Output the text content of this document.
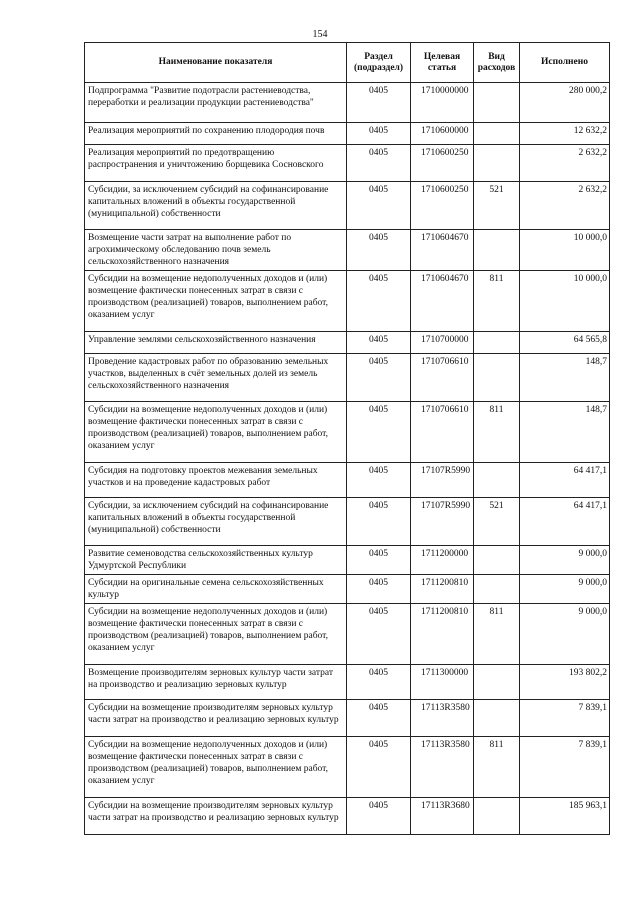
154
Наименование показателя	Раздел (подраздел)	Целевая статья	Вид расходов	Исполнено
Подпрограмма "Развитие подотрасли растениеводства, переработки и реализации продукции растениеводства"	0405	1710000000		280 000,2
Реализация мероприятий по сохранению плодородия почв	0405	1710600000		12 632,2
Реализация мероприятий по предотвращению распространения и уничтожению борщевика Сосновского	0405	1710600250		2 632,2
Субсидии, за исключением субсидий на софинансирование капитальных вложений в объекты государственной (муниципальной) собственности	0405	1710600250	521	2 632,2
Возмещение части затрат на выполнение работ по агрохимическому обследованию почв земель сельскохозяйственного назначения	0405	1710604670		10 000,0
Субсидии на возмещение недополученных доходов и (или) возмещение фактически понесенных затрат в связи с производством (реализацией) товаров, выполнением работ, оказанием услуг	0405	1710604670	811	10 000,0
Управление землями сельскохозяйственного назначения	0405	1710700000		64 565,8
Проведение кадастровых работ по образованию земельных участков, выделенных в счёт земельных долей из земель сельскохозяйственного назначения	0405	1710706610		148,7
Субсидии на возмещение недополученных доходов и (или) возмещение фактически понесенных затрат в связи с производством (реализацией) товаров, выполнением работ, оказанием услуг	0405	1710706610	811	148,7
Субсидия на подготовку проектов межевания земельных участков и на проведение кадастровых работ	0405	17107R5990		64 417,1
Субсидии, за исключением субсидий на софинансирование капитальных вложений в объекты государственной (муниципальной) собственности	0405	17107R5990	521	64 417,1
Развитие семеноводства сельскохозяйственных культур Удмуртской Республики	0405	1711200000		9 000,0
Субсидии на оригинальные семена сельскохозяйственных культур	0405	1711200810		9 000,0
Субсидии на возмещение недополученных доходов и (или) возмещение фактически понесенных затрат в связи с производством (реализацией) товаров, выполнением работ, оказанием услуг	0405	1711200810	811	9 000,0
Возмещение производителям зерновых культур части затрат на производство и реализацию зерновых культур	0405	1711300000		193 802,2
Субсидии на возмещение производителям зерновых культур части затрат на производство и реализацию зерновых культур	0405	17113R3580		7 839,1
Субсидии на возмещение недополученных доходов и (или) возмещение фактически понесенных затрат в связи с производством (реализацией) товаров, выполнением работ, оказанием услуг	0405	17113R3580	811	7 839,1
Субсидии на возмещение производителям зерновых культур части затрат на производство и реализацию зерновых культур	0405	17113R3680		185 963,1
